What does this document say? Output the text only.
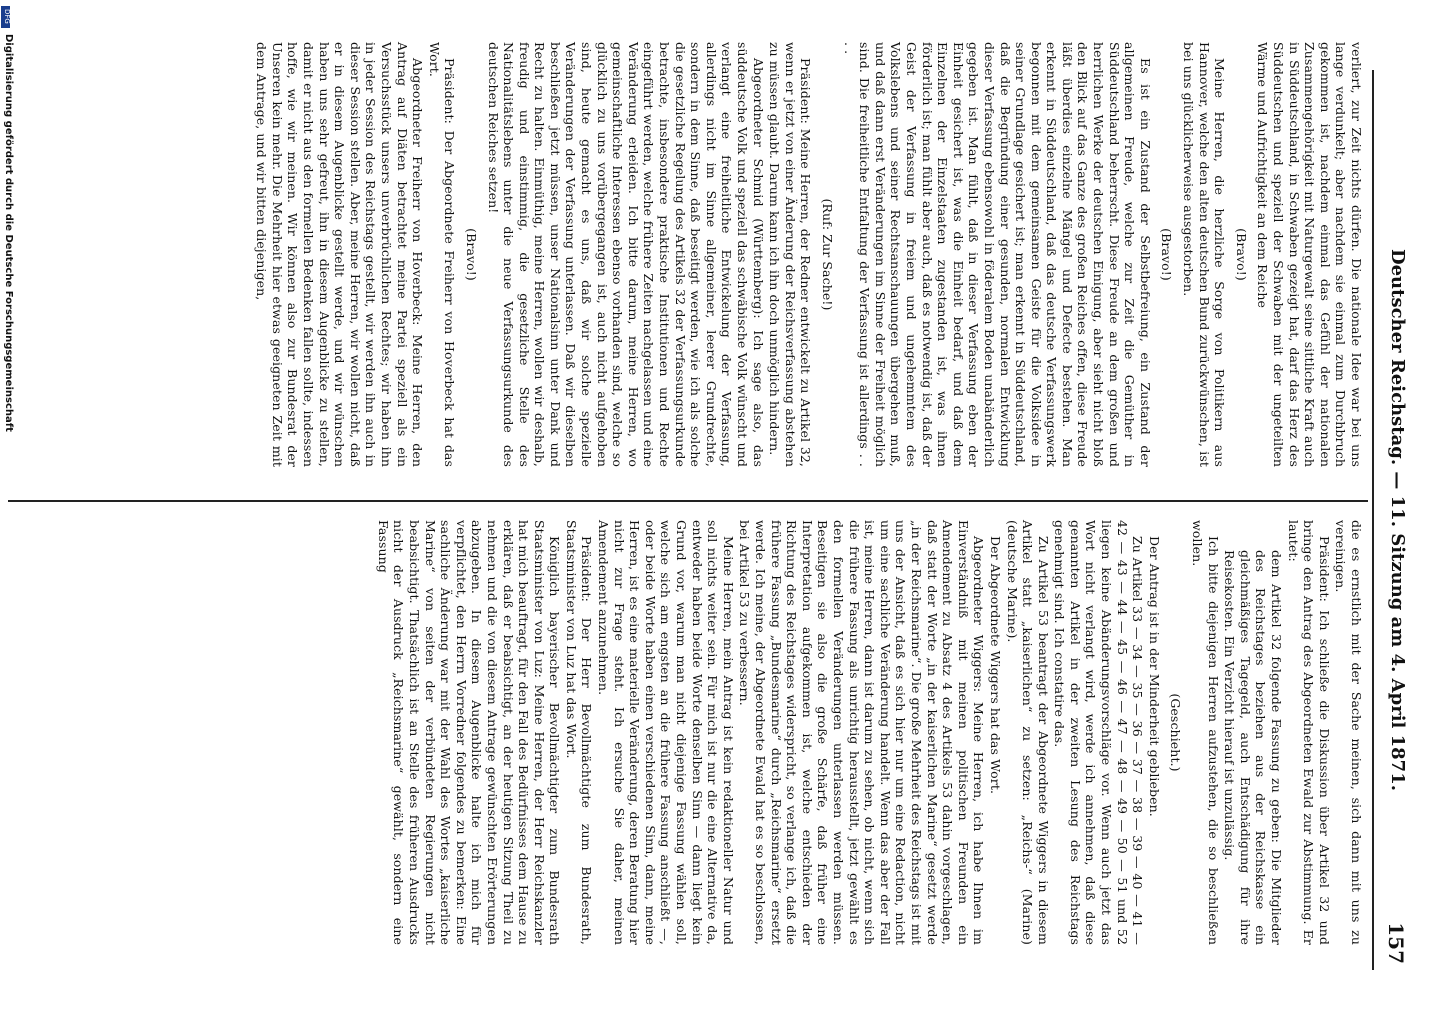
Deutscher Reichstag. — 11. Sitzung am 4. April 1871.
157

verliert, zur Zeit nichts dürfen. Die nationale Idee war bei uns lange verdunkelt; aber nachdem sie einmal zum Durchbruch gekommen ist, nachdem einmal das Gefühl der nationalen Zusammengehörigkeit mit Naturgewalt seine sittliche Kraft auch in Süddeutschland, in Schwaben gezeigt hat, darf das Herz des Süddeutschen und speziell der Schwaben mit der ungeteilten Wärme und Aufrichtigkeit an dem Reiche

(Bravo!)

Meine Herren, die herzliche Sorge von Politikern aus Hannover, welche den alten deutschen Bund zurückwünschen, ist bei uns glücklicherweise ausgestorben.

(Bravo!)

Es ist ein Zustand der Selbstbefreiung, ein Zustand der allgemeinen Freude, welche zur Zeit die Gemüther in Süddeutschland beherrscht. Diese Freude an dem großen und herrlichen Werke der deutschen Einigung, aber sieht nicht bloß den Blick auf das Ganze des großen Reiches offen, diese Freude läßt überdies einzelne Mängel und Defecte bestehen. Man erkennt in Süddeutschland, daß das deutsche Verfassungswerk begonnen mit dem gemeinsamen Geiste für die Volksidee in seiner Grundlage gesichert ist; man erkennt in Süddeutschland, daß die Begründung einer gesunden, normalen Entwicklung dieser Verfassung ebensowohl in föderalem Boden unabänderlich gegeben ist. Man fühlt, daß in dieser Verfassung eben der Einheit gesichert ist, was die Einheit bedarf, und daß dem Einzelnen der Einzelstaaten zugestanden ist, was ihnen förderlich ist; man fühlt aber auch, daß es notwendig ist, daß der Geist der Verfassung in freiem und ungehemmtem des Volkslebens und seiner Rechtsanschauungen übergehen muß, und daß dann erst Veränderungen im Sinne der Freiheit möglich sind. Die freiheitliche Entfaltung der Verfassung ist allerdings . . . .

(Ruf: Zur Sache!)

Präsident: Meine Herren, der Redner entwickelt zu Artikel 32, wenn er jetzt von einer Änderung der Reichsverfassung abstehen zu müssen glaubt. Darum kann ich ihn doch unmöglich hindern.

Abgeordneter Schmid (Württemberg): Ich sage also, das süddeutsche Volk und speziell das schwäbische Volk wünscht und verlangt eine freiheitliche Entwickelung der Verfassung, allerdings nicht im Sinne allgemeiner, leerer Grundrechte, sondern in dem Sinne, daß beseitigt werden, wie ich als solche die gesetzliche Regelung des Artikels 32 der Verfassungsurkunde betrachte, insbesondere praktische Institutionen und Rechte eingeführt werden, welche frühere Zeiten nachgelassen und eine Veränderung erleiden. Ich bitte darum, meine Herren, wo gemeinschaftliche Interessen ebenso vorhanden sind, welche so glücklich zu uns vorübergegangen ist, auch nicht aufgehoben sind, heute gemacht es uns, daß wir solche spezielle Veränderungen der Verfassung unterlassen. Daß wir dieselben beschließen jetzt müssen, unser Nationalsinn unter Dank und Recht zu halten. Einmüthig, meine Herren, wollen wir deshalb, freudig und einstimmig, die gesetzliche Stelle des Nationalitätslebens unter die neue Verfassungsurkunde des deutschen Reiches setzen!

(Bravo!)

Präsident: Der Abgeordnete Freiherr von Hoverbeck hat das Wort.

Abgeordneter Freiherr von Hoverbeck: Meine Herren, den Antrag auf Diäten betrachtet meine Partei speziell als ein Versuchsstück unsers unverbrüchlichen Rechtes; wir haben ihn in jeder Session des Reichstags gestellt, wir werden ihn auch in dieser Session stellen. Aber, meine Herren, wir wollen nicht, daß er in diesem Augenblicke gestellt werde, und wir wünschen haben uns sehr gefreut, ihn in diesem Augenblicke zu stellen, damit er nicht aus den formellen Bedenken fallen sollte, indessen hoffe, wie wir meinen. Wir können also zur Bundesrat der Unseren kein mehr. Die Mehrheit hier etwas geeigneten Zeit mit dem Antrage, und wir bitten diejenigen,

die es ernstlich mit der Sache meinen, sich dann mit uns zu vereinigen.

Präsident: Ich schließe die Diskussion über Artikel 32 und bringe den Antrag des Abgeordneten Ewald zur Abstimmung. Er lautet:

dem Artikel 32 folgende Fassung zu geben: Die Mitglieder des Reichstages beziehen aus der Reichskasse ein gleichmäßiges Tagegeld, auch Entschädigung für ihre Reisekosten. Ein Verzicht hierauf ist unzulässig.

Ich bitte diejenigen Herren aufzustehen, die so beschließen wollen.

(Geschieht.)

Der Antrag ist in der Minderheit geblieben.

Zu Artikel 33 — 34 — 35 — 36 — 37 — 38 — 39 — 40 — 41 — 42 — 43 — 44 — 45 — 46 — 47 — 48 — 49 — 50 — 51 und 52 liegen keine Abänderungsvorschläge vor. Wenn auch jetzt das Wort nicht verlangt wird, werde ich annehmen, daß diese genannten Artikel in der zweiten Lesung des Reichstags genehmigt sind. Ich constatire das.

Zu Artikel 53 beantragt der Abgeordnete Wiggers in diesem Artikel statt „kaiserlichen“ zu setzen: „Reichs-“ (Marine) (deutsche Marine).

Der Abgeordnete Wiggers hat das Wort.

Abgeordneter Wiggers: Meine Herren, ich habe Ihnen im Einverständniß mit meinen politischen Freunden ein Amendement zu Absatz 4 des Artikels 53 dahin vorgeschlagen, daß statt der Worte „in der kaiserlichen Marine“ gesetzt werde „in der Reichsmarine“. Die große Mehrheit des Reichstags ist mit uns der Ansicht, daß es sich hier nur um eine Redaction, nicht um eine sachliche Veränderung handelt. Wenn das aber der Fall ist, meine Herren, dann ist darum zu sehen, ob nicht, wenn sich die frühere Fassung als unrichtig herausstellt, jetzt gewählt es den formellen Veränderungen unterlassen werden müssen. Beseitigen sie also die große Schärfe, daß früher eine Interpretation aufgekommen ist, welche entschieden der Richtung des Reichstages widerspricht, so verlange ich, daß die frühere Fassung „Bundesmarine“ durch „Reichsmarine“ ersetzt werde. Ich meine, der Abgeordnete Ewald hat es so beschlossen, bei Artikel 53 zu verbessern.

Meine Herren, mein Antrag ist kein redaktioneller Natur und soll nichts weiter sein. Für mich ist nur die eine Alternative da, entweder haben beide Worte denselben Sinn — dann liegt kein Grund vor, warum man nicht diejenige Fassung wählen soll, welche sich am engsten an die frühere Fassung anschließt —, oder beide Worte haben einen verschiedenen Sinn, dann, meine Herren, ist es eine materielle Veränderung, deren Beratung hier nicht zur Frage steht. Ich ersuche Sie daher, meinen Amendement anzunehmen.

Präsident: Der Herr Bevollmächtigte zum Bundesrath, Staatsminister von Luz hat das Wort.

Königlich bayerischer Bevollmächtigter zum Bundesrath Staatsminister von Luz: Meine Herren, der Herr Reichskanzler hat mich beauftragt, für den Fall des Bedürfnisses dem Hause zu erklären, daß er beabsichtigt, an der heutigen Sitzung Theil zu nehmen und die von diesem Antrage gewünschten Erörterungen abzugeben. In diesem Augenblicke halte ich mich für verpflichtet, den Herrn Vorredner folgendes zu bemerken: Eine sachliche Änderung war mit der Wahl des Wortes „kaiserliche Marine“ von seiten der verbündeten Regierungen nicht beabsichtigt. Thatsächlich ist an Stelle des früheren Ausdrucks nicht der Ausdruck „Reichsmarine“ gewählt, sondern eine Fassung

DFG
Digitalisierung gefördert durch die Deutsche Forschungsgemeinschaft
